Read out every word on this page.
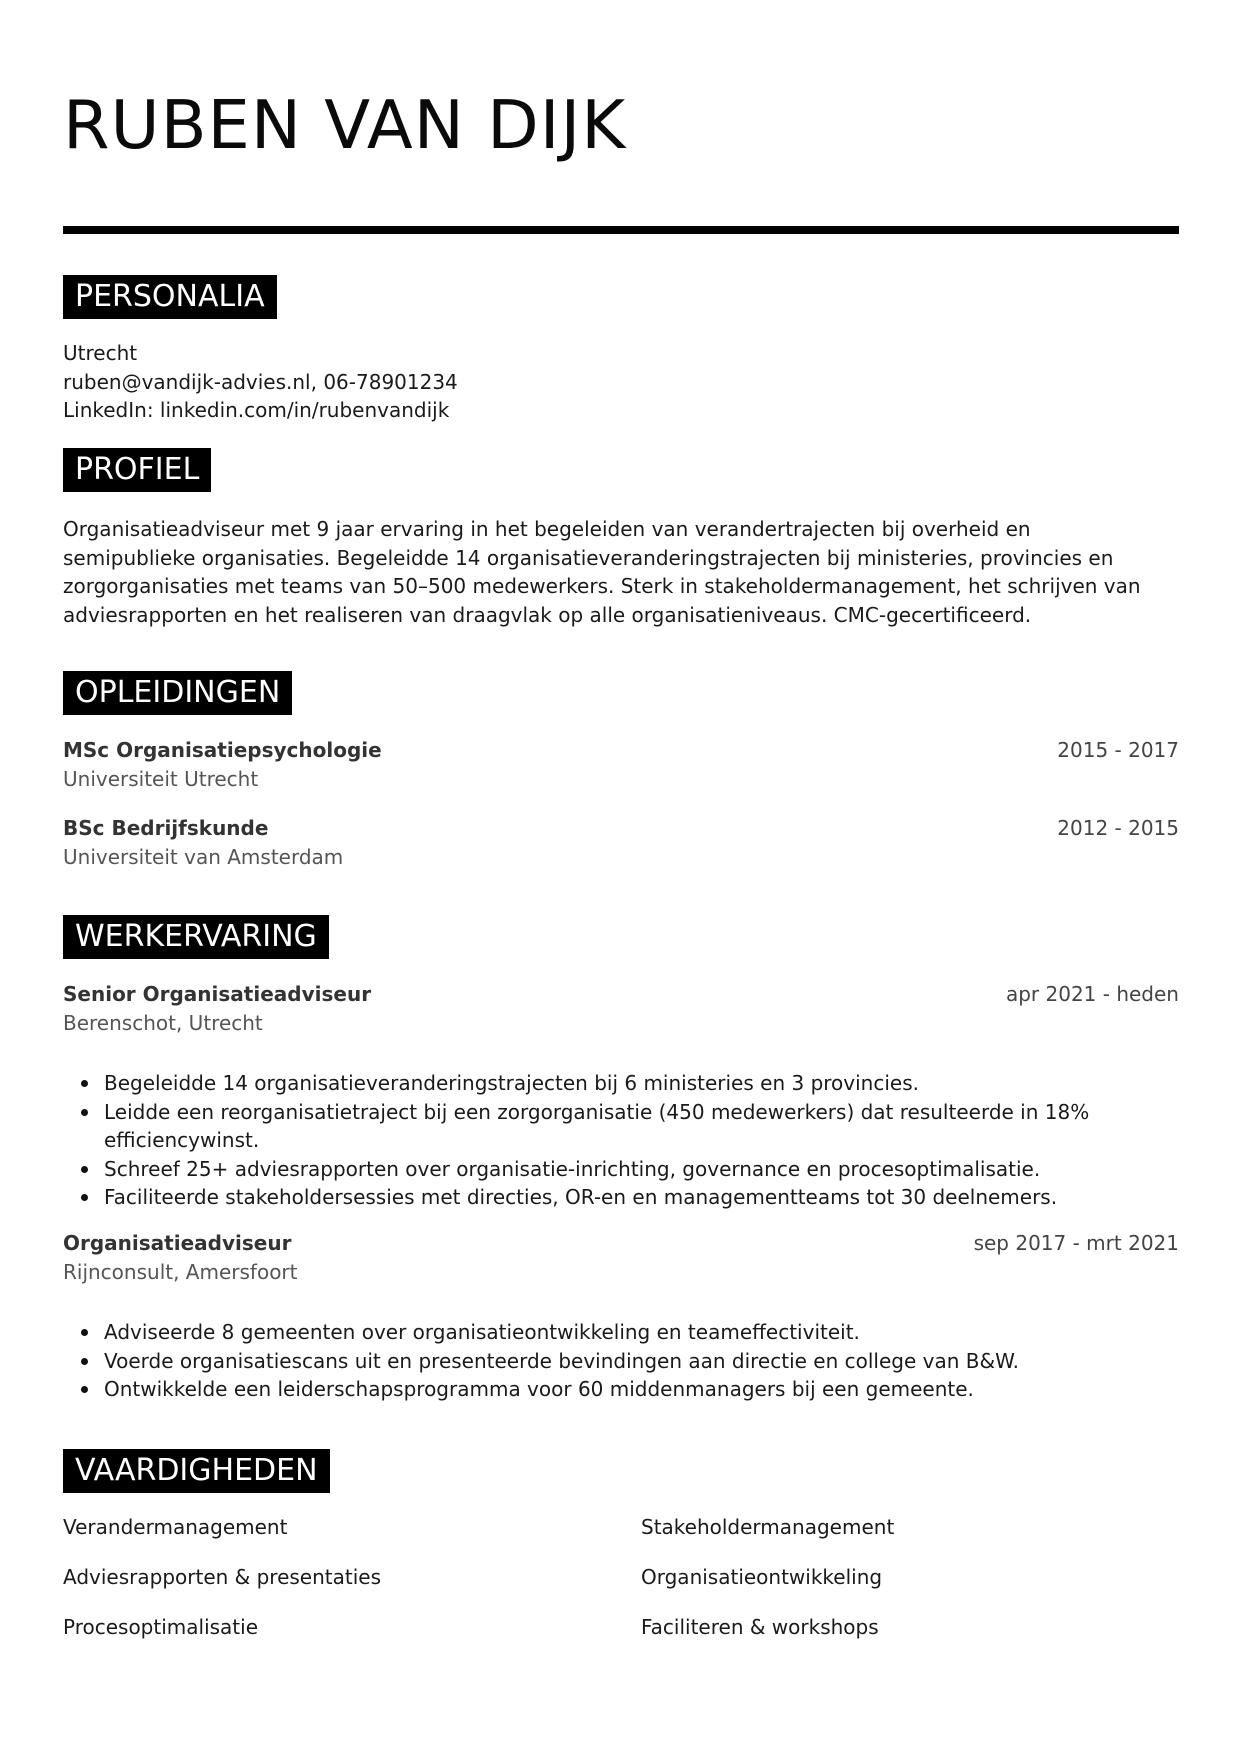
RUBEN VAN DIJK
PERSONALIA
Utrecht
ruben@vandijk-advies.nl, 06-78901234
LinkedIn: linkedin.com/in/rubenvandijk
PROFIEL
Organisatieadviseur met 9 jaar ervaring in het begeleiden van verandertrajecten bij overheid en
semipublieke organisaties. Begeleidde 14 organisatieveranderingstrajecten bij ministeries, provincies en
zorgorganisaties met teams van 50–500 medewerkers. Sterk in stakeholdermanagement, het schrijven van
adviesrapporten en het realiseren van draagvlak op alle organisatieniveaus. CMC-gecertificeerd.
OPLEIDINGEN
MSc Organisatiepsychologie	2015 - 2017
Universiteit Utrecht
BSc Bedrijfskunde	2012 - 2015
Universiteit van Amsterdam
WERKERVARING
Senior Organisatieadviseur	apr 2021 - heden
Berenschot, Utrecht
Begeleidde 14 organisatieveranderingstrajecten bij 6 ministeries en 3 provincies.
Leidde een reorganisatietraject bij een zorgorganisatie (450 medewerkers) dat resulteerde in 18% efficiencywinst.
Schreef 25+ adviesrapporten over organisatie-inrichting, governance en procesoptimalisatie.
Faciliteerde stakeholdersessies met directies, OR-en en managementteams tot 30 deelnemers.
Organisatieadviseur	sep 2017 - mrt 2021
Rijnconsult, Amersfoort
Adviseerde 8 gemeenten over organisatieontwikkeling en teameffectiviteit.
Voerde organisatiescans uit en presenteerde bevindingen aan directie en college van B&W.
Ontwikkelde een leiderschapsprogramma voor 60 middenmanagers bij een gemeente.
VAARDIGHEDEN
Verandermanagement	Stakeholdermanagement
Adviesrapporten & presentaties	Organisatieontwikkeling
Procesoptimalisatie	Faciliteren & workshops
